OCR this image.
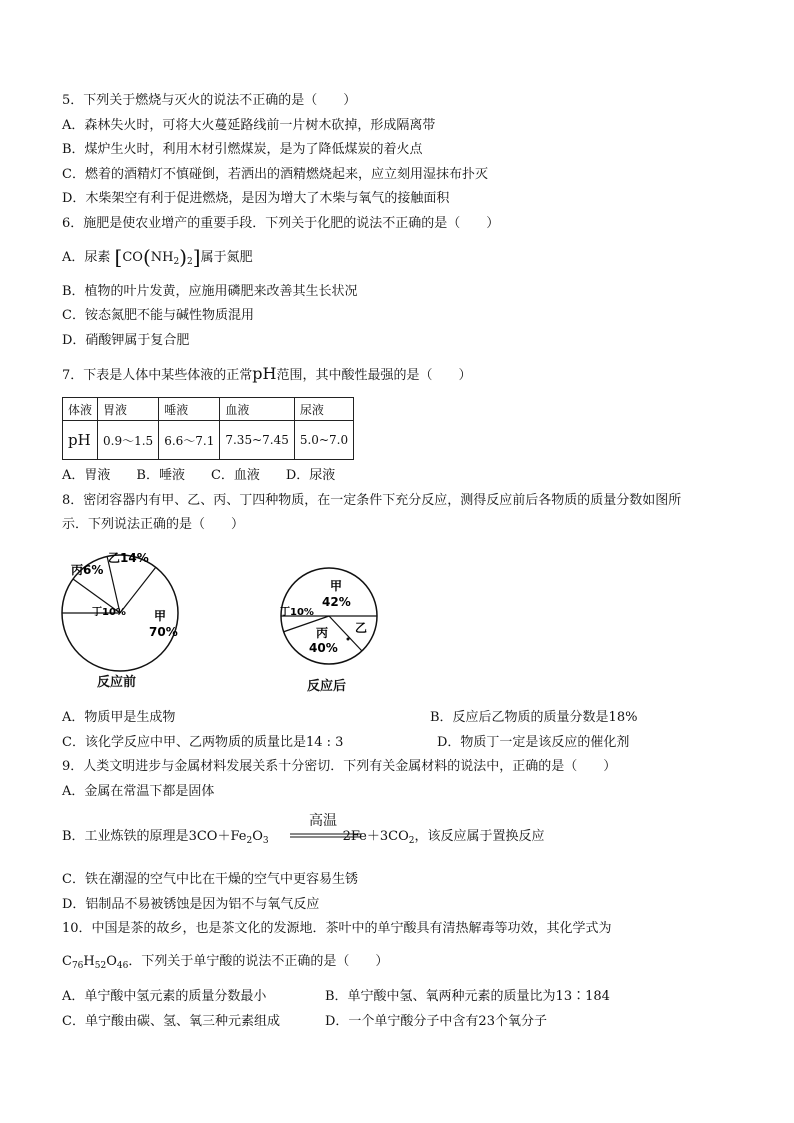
5．下列关于燃烧与灭火的说法不正确的是（　　）
A．森林失火时，可将大火蔓延路线前一片树木砍掉，形成隔离带
B．煤炉生火时，利用木材引燃煤炭，是为了降低煤炭的着火点
C．燃着的酒精灯不慎碰倒，若洒出的酒精燃烧起来，应立刻用湿抹布扑灭
D．木柴架空有利于促进燃烧，是因为增大了木柴与氧气的接触面积
6．施肥是使农业增产的重要手段．下列关于化肥的说法不正确的是（　　）
A．尿素 $[CO(NH_2)_2]$属于氮肥
B．植物的叶片发黄，应施用磷肥来改善其生长状况
C．铵态氮肥不能与碱性物质混用
D．硝酸钾属于复合肥
7．下表是人体中某些体液的正常pH范围，其中酸性最强的是（　　）
体液	胃液	唾液	血液	尿液
pH	0.9～1.5	6.6～7.1	7.35~7.45	5.0~7.0
A．胃液　　B．唾液　　C．血液　　D．尿液
8．密闭容器内有甲、乙、丙、丁四种物质，在一定条件下充分反应，测得反应前后各物质的质量分数如图所
示．下列说法正确的是（　　）
乙14%
丙6%
丁10% 甲
70%
甲
42%
丁10%
乙
丙
40%
反应前	反应后
A．物质甲是生成物	B．反应后乙物质的质量分数是18%
C．该化学反应中甲、乙两物质的质量比是14 : 3	D．物质丁一定是该反应的催化剂
9．人类文明进步与金属材料发展关系十分密切．下列有关金属材料的说法中，正确的是（　　）
A．金属在常温下都是固体
高温
B．工业炼铁的原理是$3CO+Fe_2O_3$	$2Fe+3CO_2$，该反应属于置换反应
C．铁在潮湿的空气中比在干燥的空气中更容易生锈
D．铝制品不易被锈蚀是因为铝不与氧气反应
10．中国是茶的故乡，也是茶文化的发源地．茶叶中的单宁酸具有清热解毒等功效，其化学式为
$C_{76}H_{52}O_{46}$．下列关于单宁酸的说法不正确的是（　　）
A．单宁酸中氢元素的质量分数最小	B．单宁酸中氢、氧两种元素的质量比为13∶184
C．单宁酸由碳、氢、氧三种元素组成	D．一个单宁酸分子中含有23个氧分子
